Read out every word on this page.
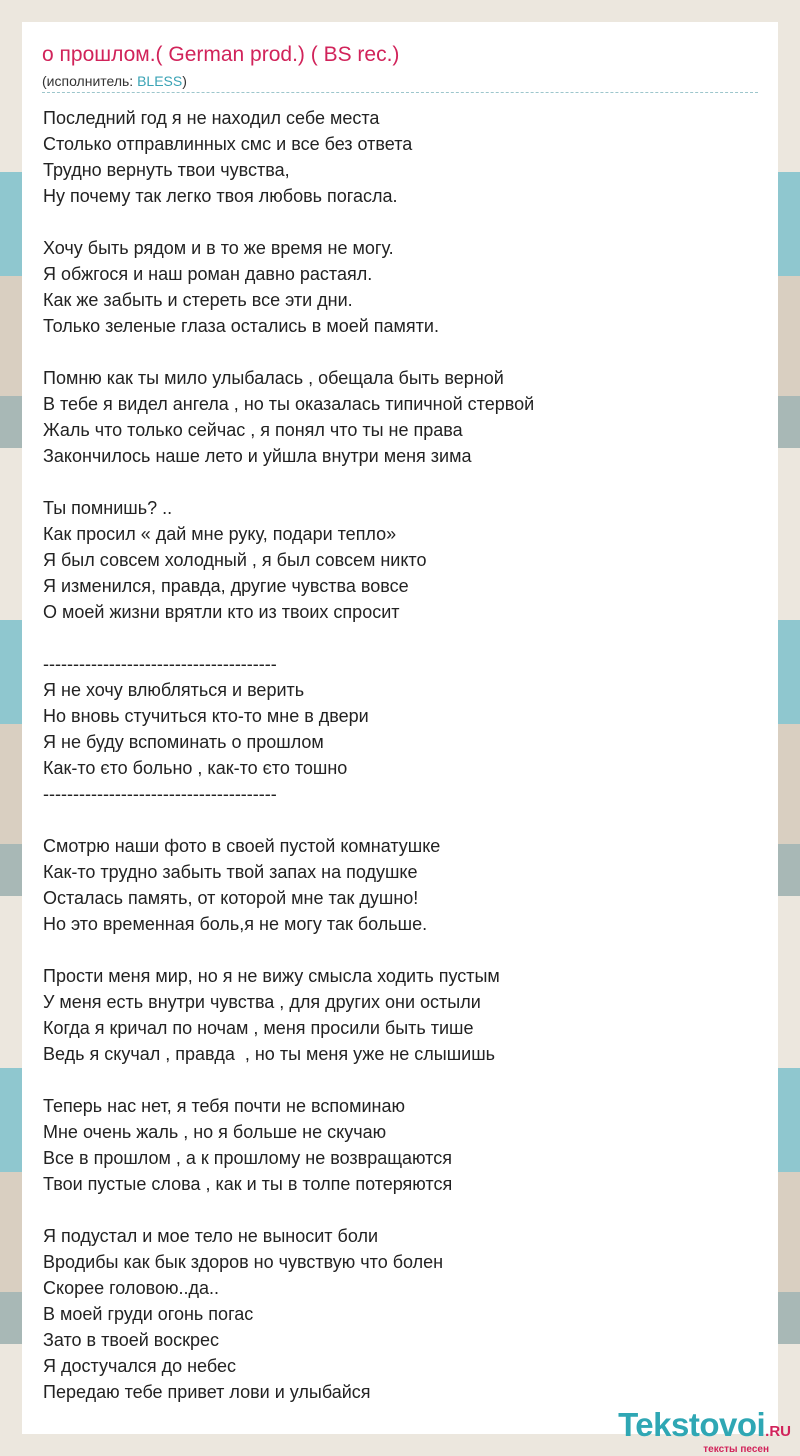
о прошлом.( German prod.) ( BS rec.)
(исполнитель: BLESS)
Последний год я не находил себе места
Столько отправлинных смс и все без ответа
Трудно вернуть твои чувства,
Ну почему так легко твоя любовь погасла.
Хочу быть рядом и в то же время не могу.
Я обжгоcя и наш роман давно растаял.
Как же забыть и стереть все эти дни.
Только зеленые глаза остались в моей памяти.
Помню как ты мило улыбалась , обещала быть верной
В тебе я видел ангела , но ты оказалась типичной стервой
Жаль что только сейчас , я понял что ты не права
Закончилось наше лето и уйшла внутри меня зима
Ты помнишь? ..
Как просил « дай мне руку, подари тепло»
Я был совсем холодный , я был совсем никто
Я изменился, правда, другие чувства вовсе
О моей жизни врятли кто из твоих спросит
---------------------------------------
Я не хочу влюбляться и верить
Но вновь стучиться кто-то мне в двери
Я не буду вспоминать о прошлом
Как-то єто больно , как-то єто тошно
---------------------------------------
Смотрю наши фото в своей пустой комнатушке
Как-то трудно забыть твой запах на подушке
Осталась память, от которой мне так душно!
Но это временная боль,я не могу так больше.
Прости меня мир, но я не вижу смысла ходить пустым
У меня есть внутри чувства , для других они остыли
Когда я кричал по ночам , меня просили быть тише
Ведь я скучал , правда  , но ты меня уже не слышишь
Теперь нас нет, я тебя почти не вспоминаю
Мне очень жаль , но я больше не скучаю
Все в прошлом , а к прошлому не возвращаются
Твои пустые слова , как и ты в толпе потеряются
Я подустал и мое тело не выносит боли
Вродибы как бык здоров но чувствую что болен
Скорее головою..да..
В моей груди огонь погас
Зато в твоей воскрес
Я достучался до небес
Передаю тебе привет лови и улыбайся
Tekstovoi.RU
тексты песен
